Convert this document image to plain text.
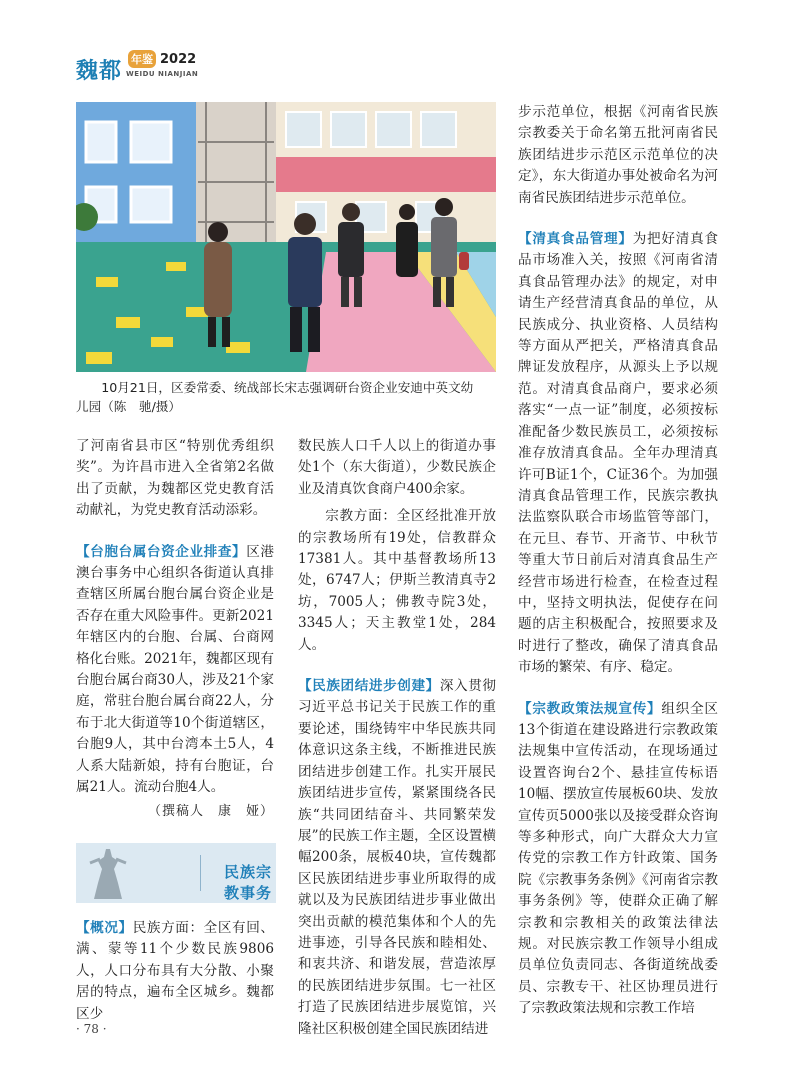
魏都 年鉴 2022
WEIDU NIANJIAN
10月21日，区委常委、统战部长宋志强调研台资企业安迪中英文幼
儿园（陈　驰/摄）

了河南省县市区“特别优秀组织奖”。为许昌市进入全省第2名做出了贡献，为魏都区党史教育活动献礼，为党史教育活动添彩。

【台胞台属台资企业排查】区港澳台事务中心组织各街道认真排查辖区所属台胞台属台资企业是否存在重大风险事件。更新2021年辖区内的台胞、台属、台商网格化台账。2021年，魏都区现有台胞台属台商30人，涉及21个家庭，常驻台胞台属台商22人，分布于北大街道等10个街道辖区，台胞9人，其中台湾本土5人，4人系大陆新娘，持有台胞证，台属21人。流动台胞4人。

（撰稿人　康　娅）
民族宗教事务

【概况】民族方面：全区有回、满、蒙等11个少数民族9806人，人口分布具有大分散、小聚居的特点，遍布全区城乡。魏都区少

数民族人口千人以上的街道办事处1个（东大街道），少数民族企业及清真饮食商户400余家。

宗教方面：全区经批准开放的宗教场所有19处，信教群众17381人。其中基督教场所13处，6747人；伊斯兰教清真寺2坊，7005人；佛教寺院3处，3345人；天主教堂1处，284人。

【民族团结进步创建】深入贯彻习近平总书记关于民族工作的重要论述，围绕铸牢中华民族共同体意识这条主线，不断推进民族团结进步创建工作。扎实开展民族团结进步宣传，紧紧围绕各民族“共同团结奋斗、共同繁荣发展”的民族工作主题，全区设置横幅200条，展板40块，宣传魏都区民族团结进步事业所取得的成就以及为民族团结进步事业做出突出贡献的模范集体和个人的先进事迹，引导各民族和睦相处、和衷共济、和谐发展，营造浓厚的民族团结进步氛围。七一社区打造了民族团结进步展览馆，兴隆社区积极创建全国民族团结进

步示范单位，根据《河南省民族宗教委关于命名第五批河南省民族团结进步示范区示范单位的决定》，东大街道办事处被命名为河南省民族团结进步示范单位。

【清真食品管理】为把好清真食品市场准入关，按照《河南省清真食品管理办法》的规定，对申请生产经营清真食品的单位，从民族成分、执业资格、人员结构等方面从严把关，严格清真食品牌证发放程序，从源头上予以规范。对清真食品商户，要求必须落实“一点一证”制度，必须按标准配备少数民族员工，必须按标准存放清真食品。全年办理清真许可B证1个，C证36个。为加强清真食品管理工作，民族宗教执法监察队联合市场监管等部门，在元旦、春节、开斋节、中秋节等重大节日前后对清真食品生产经营市场进行检查，在检查过程中，坚持文明执法，促使存在问题的店主积极配合，按照要求及时进行了整改，确保了清真食品市场的繁荣、有序、稳定。

【宗教政策法规宣传】组织全区13个街道在建设路进行宗教政策法规集中宣传活动，在现场通过设置咨询台2个、悬挂宣传标语10幅、摆放宣传展板60块、发放宣传页5000张以及接受群众咨询等多种形式，向广大群众大力宣传党的宗教工作方针政策、国务院《宗教事务条例》《河南省宗教事务条例》等，使群众正确了解宗教和宗教相关的政策法律法规。对民族宗教工作领导小组成员单位负责同志、各街道统战委员、宗教专干、社区协理员进行了宗教政策法规和宗教工作培

· 78 ·
